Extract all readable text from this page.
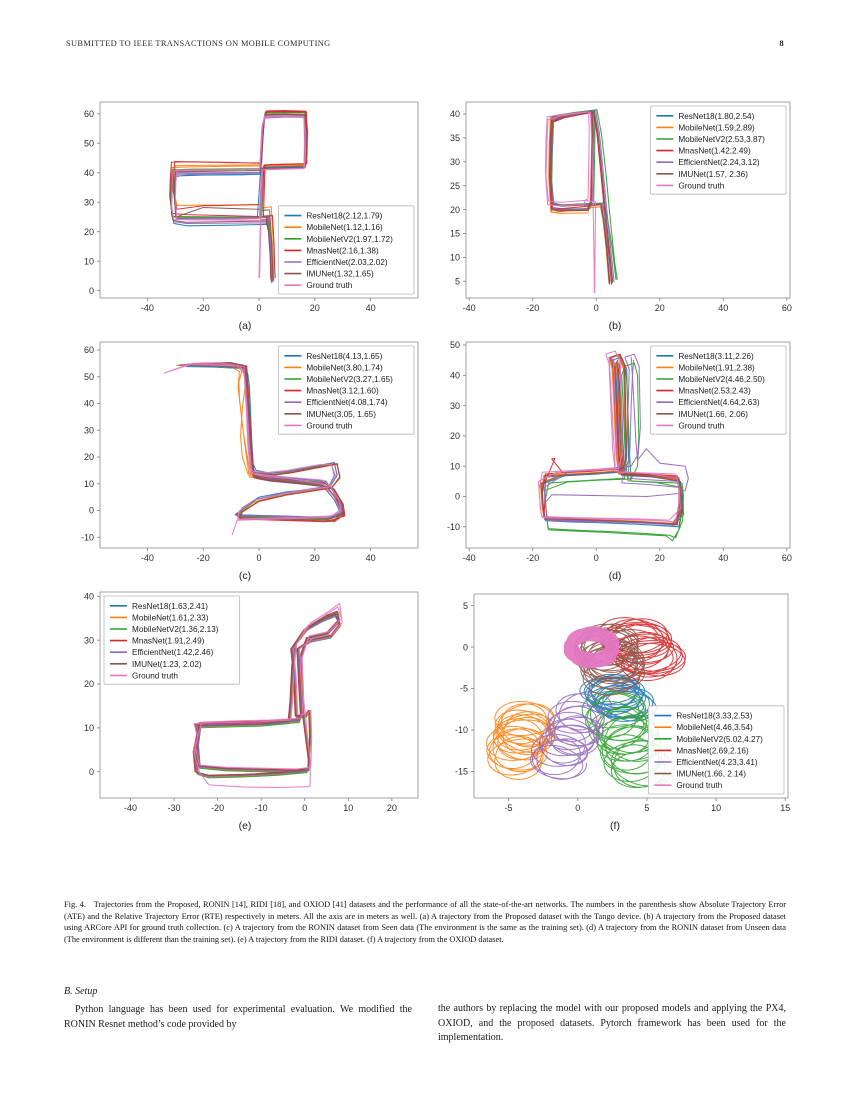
SUBMITTED TO IEEE TRANSACTIONS ON MOBILE COMPUTING	8
-40	-20	0	20	40
0
10
20
30
40
50
60
ResNet18(2.12,1.79)
MobileNet(1.12,1.16)
MobileNetV2(1.97,1.72)
MnasNet(2.16,1.38)
EfficientNet(2.03,2.02)
IMUNet(1.32,1.65)
Ground truth
(a)
-40	-20	0	20	40	60
5
10
15
20
25
30
35
40	ResNet18(1.80,2.54)
MobileNet(1.59,2.89)
MobileNetV2(2.53,3.87)
MnasNet(1.42,2.49)
EfficientNet(2.24,3.12)
IMUNet(1.57, 2.36)
Ground truth
(b)
-40	-20	0	20	40
-10
0
10
20
30
40
50
60
ResNet18(4.13,1.65)
MobileNet(3.80,1.74)
MobileNetV2(3.27,1.65)
MnasNet(3.12,1.60)
EfficientNet(4.08,1.74)
IMUNet(3.05, 1.65)
Ground truth
(c)
-40	-20	0	20	40	60
-10
0
10
20
30
40
50
ResNet18(3.11,2.26)
MobileNet(1.91,2.38)
MobileNetV2(4.46,2.50)
MnasNet(2.53,2.43)
EfficientNet(4.64,2.63)
IMUNet(1.66, 2.06)
Ground truth
(d)
-40	-30	-20	-10	0	10	20
0
10
20
30
40
ResNet18(1.63,2.41)
MobileNet(1.61,2.33)
MobileNetV2(1.36,2.13)
MnasNet(1.91,2.49)
EfficientNet(1.42,2.46)
IMUNet(1.23, 2.02)
Ground truth
(e)
-5	0	5	10	15
-15
-10
-5
0
5
ResNet18(3.33,2.53)
MobileNet(4.46,3.54)
MobileNetV2(5.02,4.27)
MnasNet(2.69,2.16)
EfficientNet(4.23,3.41)
IMUNet(1.66, 2.14)
Ground truth
(f)
Fig. 4. Trajectories from the Proposed, RONIN [14], RIDI [18], and OXIOD [41] datasets and the performance of all the state-of-the-art networks. The numbers in the parenthesis show Absolute Trajectory Error (ATE) and the Relative Trajectory Error (RTE) respectively in meters. All the axis are in meters as well. (a) A trajectory from the Proposed dataset with the Tango device. (b) A trajectory from the Proposed dataset using ARCore API for ground truth collection. (c) A trajectory from the RONIN dataset from Seen data (The environment is the same as the training set). (d) A trajectory from the RONIN dataset from Unseen data (The environment is different than the training set). (e) A trajectory from the RIDI dataset. (f) A trajectory from the OXIOD dataset.
B. Setup

Python language has been used for experimental evaluation. We modified the RONIN Resnet method’s code provided by

the authors by replacing the model with our proposed models and applying the PX4, OXIOD, and the proposed datasets. Pytorch framework has been used for the implementation.
